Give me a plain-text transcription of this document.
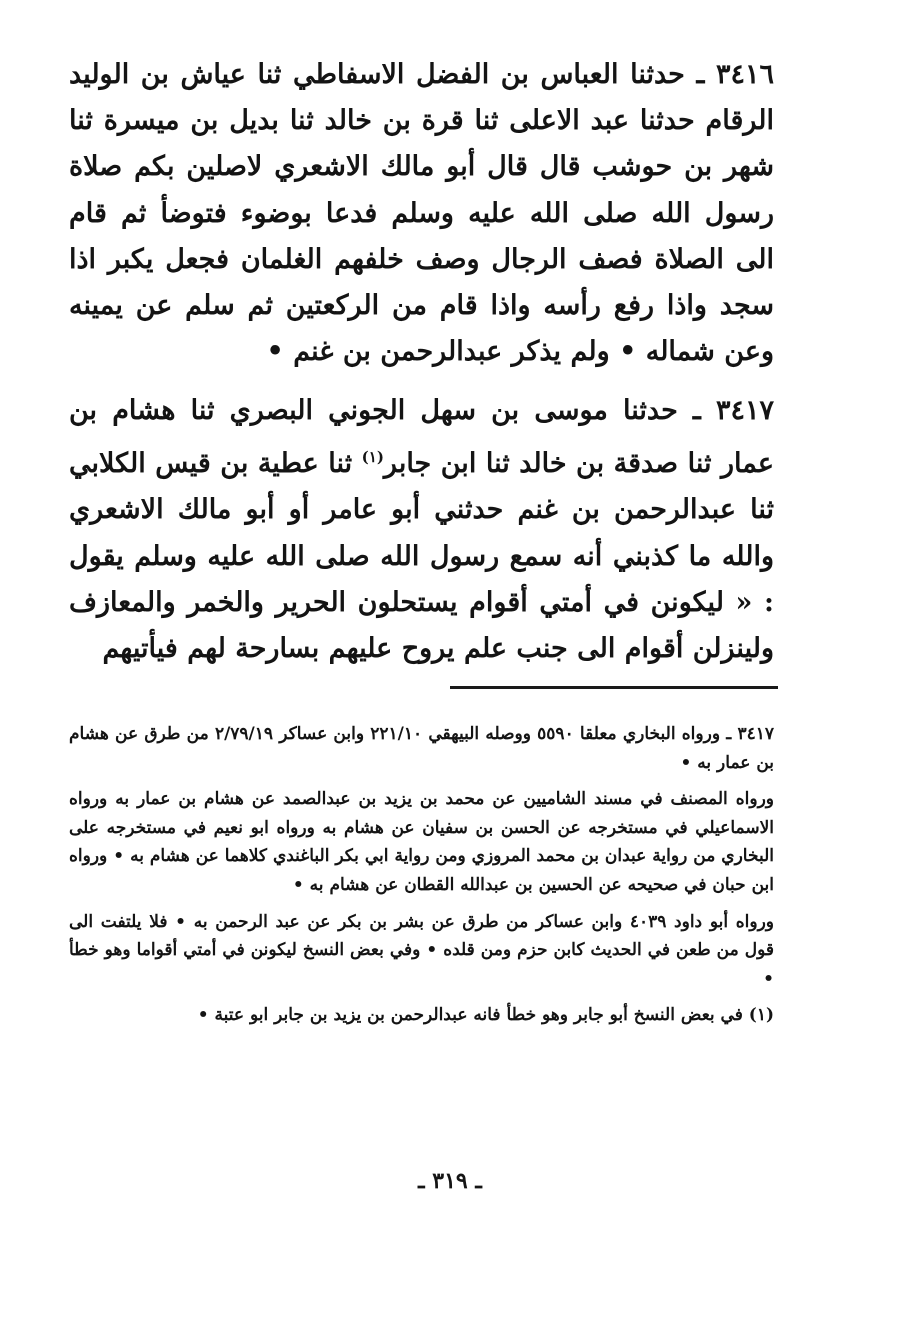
٣٤١٦ ـ حدثنا العباس بن الفضل الاسفاطي ثنا عياش بن الوليد الرقام حدثنا عبد الاعلى ثنا قرة بن خالد ثنا بديل بن ميسرة ثنا شهر بن حوشب قال قال أبو مالك الاشعري لاصلين بكم صلاة رسول الله صلى الله عليه وسلم فدعا بوضوء فتوضأ ثم قام الى الصلاة فصف الرجال وصف خلفهم الغلمان فجعل يكبر اذا سجد واذا رفع رأسه واذا قام من الركعتين ثم سلم عن يمينه وعن شماله • ولم يذكر عبدالرحمن بن غنم •

٣٤١٧ ـ حدثنا موسى بن سهل الجوني البصري ثنا هشام بن عمار ثنا صدقة بن خالد ثنا ابن جابر$^{(١)}$ ثنا عطية بن قيس الكلابي ثنا عبدالرحمن بن غنم حدثني أبو عامر أو أبو مالك الاشعري والله ما كذبني أنه سمع رسول الله صلى الله عليه وسلم يقول : « ليكونن في أمتي أقوام يستحلون الحرير والخمر والمعازف ولينزلن أقوام الى جنب علم يروح عليهم بسارحة لهم فيأتيهم

٣٤١٧ ـ ورواه البخاري معلقا ٥٥٩٠ ووصله البيهقي ٢٢١/١٠ وابن عساكر ٢/٧٩/١٩ من طرق عن هشام بن عمار به •

ورواه المصنف في مسند الشاميين عن محمد بن يزيد بن عبدالصمد عن هشام بن عمار به ورواه الاسماعيلي في مستخرجه عن الحسن بن سفيان عن هشام به ورواه ابو نعيم في مستخرجه على البخاري من رواية عبدان بن محمد المروزي ومن رواية ابي بكر الباغندي كلاهما عن هشام به • ورواه ابن حبان في صحيحه عن الحسين بن عبدالله القطان عن هشام به •

ورواه أبو داود ٤٠٣٩ وابن عساكر من طرق عن بشر بن بكر عن عبد الرحمن به • فلا يلتفت الى قول من طعن في الحديث كابن حزم ومن قلده • وفي بعض النسخ ليكونن في أمتي أقواما وهو خطأ •

(١) في بعض النسخ أبو جابر وهو خطأ فانه عبدالرحمن بن يزيد بن جابر ابو عتبة •

ـ ٣١٩ ـ
